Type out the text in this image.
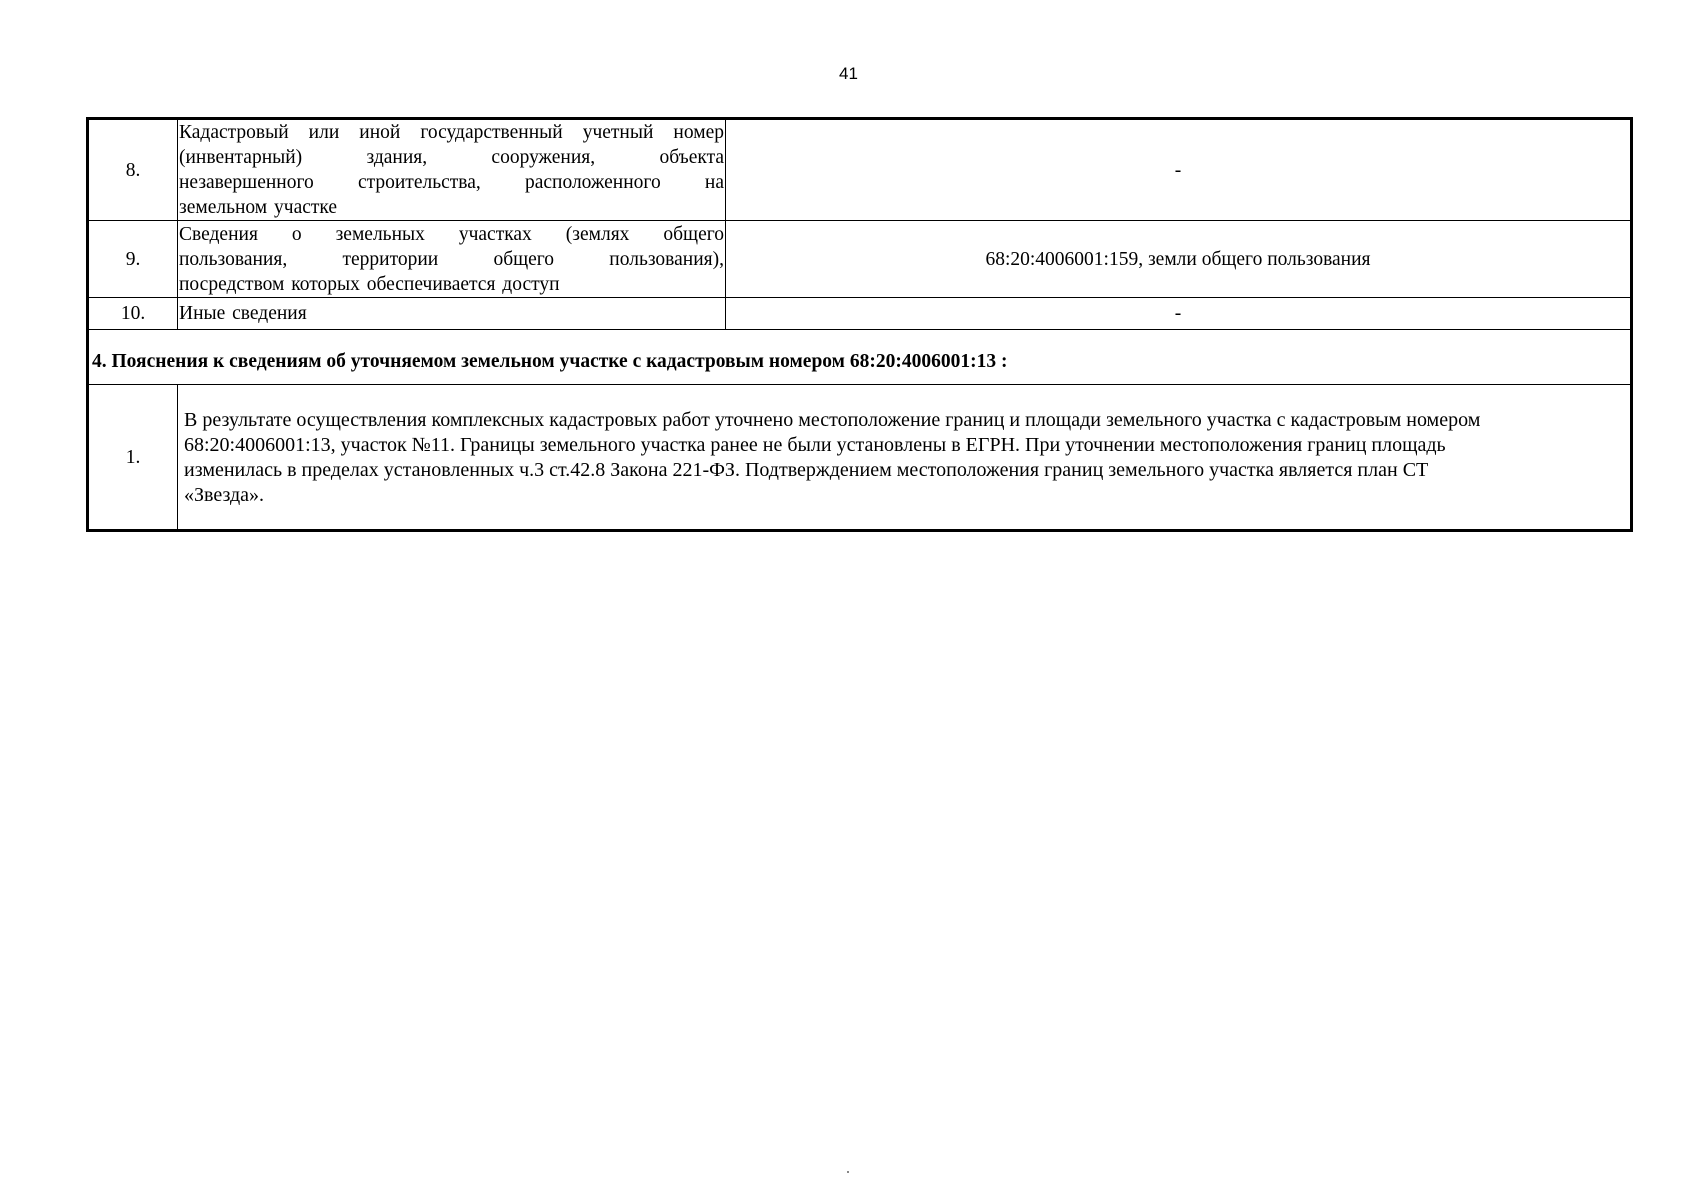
41
8.	Кадастровый или иной государственный учетный номер
(инвентарный) здания, сооружения, объекта
незавершенного строительства, расположенного на
земельном участке	-
9.	Сведения о земельных участках (землях общего
пользования, территории общего пользования),
посредством которых обеспечивается доступ	68:20:4006001:159, земли общего пользования
10.	Иные сведения	-
4. Пояснения к сведениям об уточняемом земельном участке с кадастровым номером 68:20:4006001:13 :		
1.	В результате осуществления комплексных кадастровых работ уточнено местоположение границ и площади земельного участка с кадастровым номером
68:20:4006001:13, участок №11. Границы земельного участка ранее не были установлены в ЕГРН. При уточнении местоположения границ площадь
изменилась в пределах установленных ч.3 ст.42.8 Закона 221-ФЗ. Подтверждением местоположения границ земельного участка является план СТ
«Звезда».	
